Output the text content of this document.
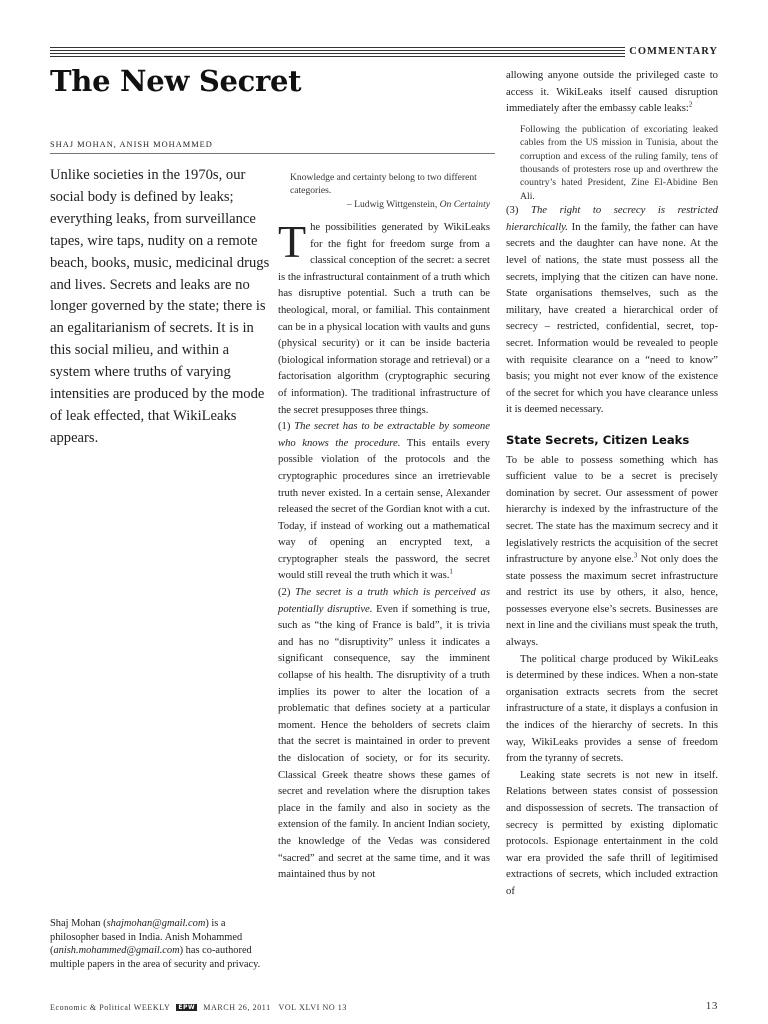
COMMENTARY
The New Secret
SHAJ MOHAN, ANISH MOHAMMED
Unlike societies in the 1970s, our social body is defined by leaks; everything leaks, from surveillance tapes, wire taps, nudity on a remote beach, books, music, medicinal drugs and lives. Secrets and leaks are no longer governed by the state; there is an egalitarianism of secrets. It is in this social milieu, and within a system where truths of varying intensities are produced by the mode of leak effected, that WikiLeaks appears.
Shaj Mohan (shajmohan@gmail.com) is a philosopher based in India. Anish Mohammed (anish.mohammed@gmail.com) has co-authored multiple papers in the area of security and privacy.
Knowledge and certainty belong to two different categories.
– Ludwig Wittgenstein, On Certainty

The possibilities generated by WikiLeaks for the fight for freedom surge from a classical conception of the secret: a secret is the infrastructural containment of a truth which has disruptive potential. Such a truth can be theological, moral, or familial. This containment can be in a physical location with vaults and guns (physical security) or it can be inside bacteria (biological information storage and retrieval) or a factorisation algorithm (cryptographic securing of information). The traditional infrastructure of the secret presupposes three things.

(1) The secret has to be extractable by someone who knows the procedure. This entails every possible violation of the protocols and the cryptographic procedures since an irretrievable truth never existed. In a certain sense, Alexander released the secret of the Gordian knot with a cut. Today, if instead of working out a mathematical way of opening an encrypted text, a cryptographer steals the password, the secret would still reveal the truth which it was.$^1$

(2) The secret is a truth which is perceived as potentially disruptive. Even if something is true, such as “the king of France is bald”, it is trivia and has no “disruptivity” unless it indicates a significant consequence, say the imminent collapse of his health. The disruptivity of a truth implies its power to alter the location of a problematic that defines society at a particular moment. Hence the beholders of secrets claim that the secret is maintained in order to prevent the dislocation of society, or for its security. Classical Greek theatre shows these games of secret and revelation where the disruption takes place in the family and also in society as the extension of the family. In ancient Indian society, the knowledge of the Vedas was considered “sacred” and secret at the same time, and it was maintained thus by not

allowing anyone outside the privileged caste to access it. WikiLeaks itself caused disruption immediately after the embassy cable leaks:$^2$

Following the publication of excoriating leaked cables from the US mission in Tunisia, about the corruption and excess of the ruling family, tens of thousands of protesters rose up and overthrew the country’s hated President, Zine El-Abidine Ben Ali.

(3) The right to secrecy is restricted hierarchically. In the family, the father can have secrets and the daughter can have none. At the level of nations, the state must possess all the secrets, implying that the citizen can have none. State organisations themselves, such as the military, have created a hierarchical order of secrecy – restricted, confidential, secret, top-secret. Information would be revealed to people with requisite clearance on a “need to know” basis; you might not ever know of the existence of the secret for which you have clearance unless it is deemed necessary.

State Secrets, Citizen Leaks

To be able to possess something which has sufficient value to be a secret is precisely domination by secret. Our assessment of power hierarchy is indexed by the infrastructure of the secret. The state has the maximum secrecy and it legislatively restricts the acquisition of the secret infrastructure by anyone else.$^3$ Not only does the state possess the maximum secret infrastructure and restrict its use by others, it also, hence, possesses everyone else’s secrets. Businesses are next in line and the civilians must speak the truth, always.

The political charge produced by WikiLeaks is determined by these indices. When a non-state organisation extracts secrets from the secret infrastructure of a state, it displays a confusion in the indices of the hierarchy of secrets. In this way, WikiLeaks provides a sense of freedom from the tyranny of secrets.

Leaking state secrets is not new in itself. Relations between states consist of possession and dispossession of secrets. The transaction of secrecy is permitted by existing diplomatic protocols. Espionage entertainment in the cold war era provided the safe thrill of legitimised extractions of secrets, which included extraction of

Economic & Political WEEKLY EPW MARCH 26, 2011 VOL XLVI NO 13	13
